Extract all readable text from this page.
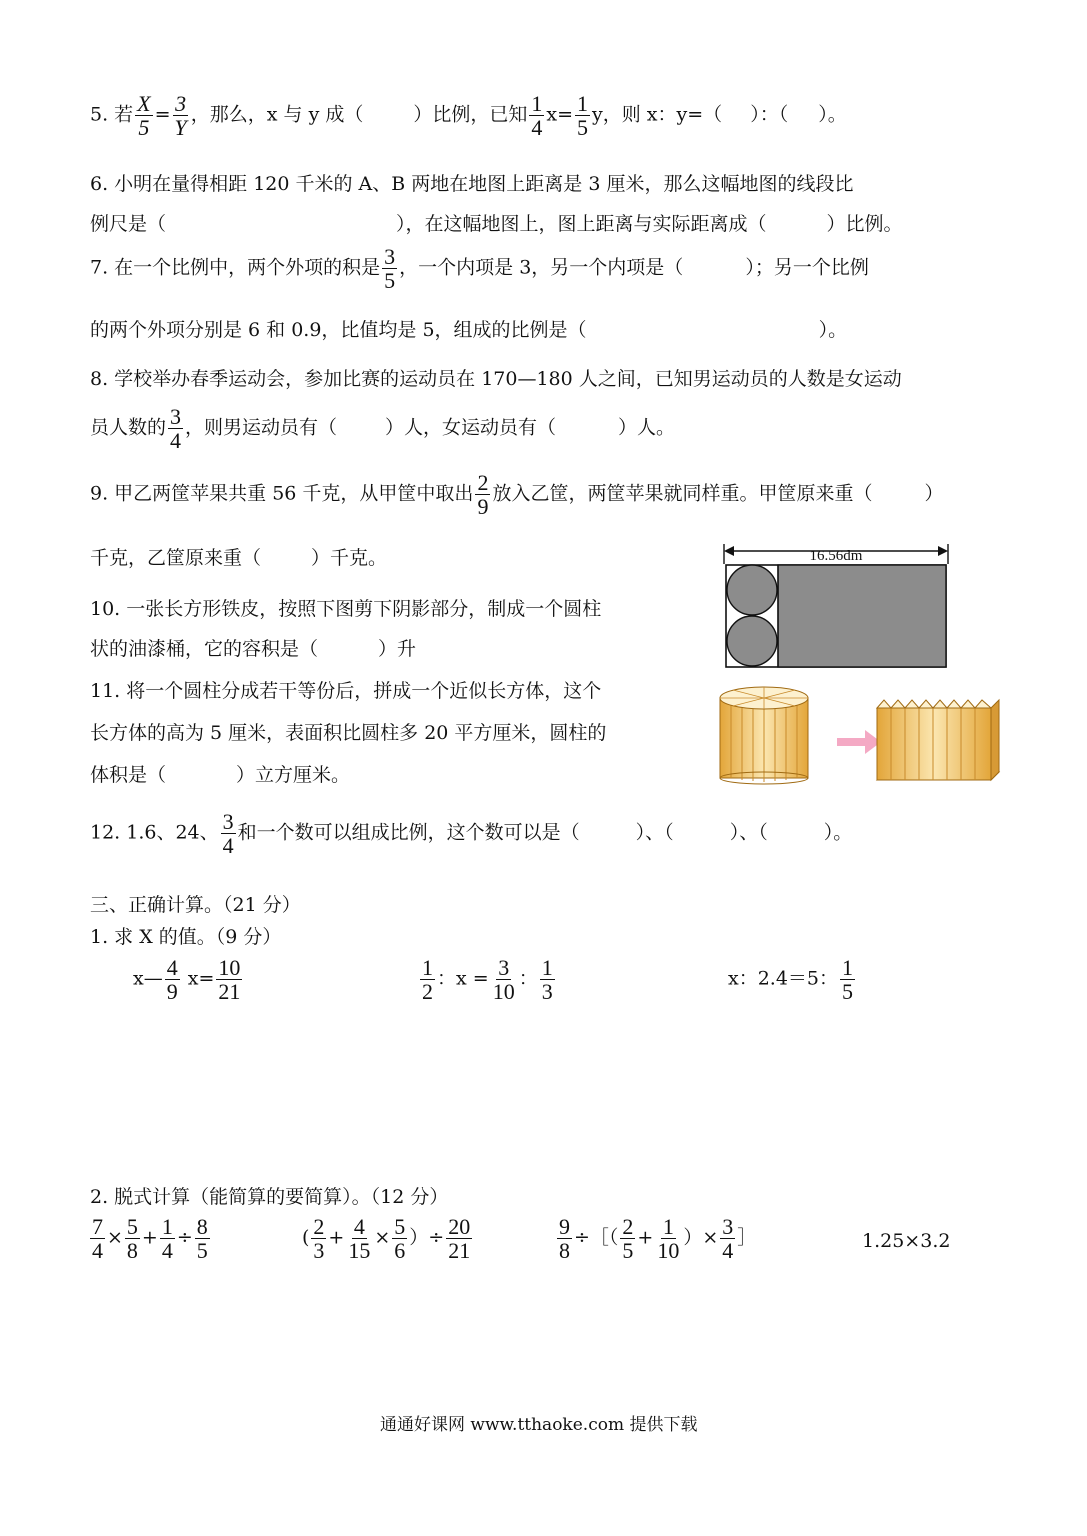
5. 若 $\frac{X}{5} = \frac{3}{Y}$ ，那么，x 与 y 成（	）比例，已知 $\frac{1}{4} x= \frac{1}{5}$ y，则 x：y=（ ）：（ ）。
6. 小明在量得相距 120 千米的 A、B 两地在地图上距离是 3 厘米，那么这幅地图的线段比
例尺是（	），在这幅地图上，图上距离与实际距离成（	）比例。
7. 在一个比例中，两个外项的积是 $\frac{3}{5}$ ，一个内项是 3，另一个内项是（	）；另一个比例
的两个外项分别是 6 和 0.9，比值均是 5，组成的比例是（	）。
8. 学校举办春季运动会，参加比赛的运动员在 170—180 人之间，已知男运动员的人数是女运动
员人数的 $\frac{3}{4}$ ，则男运动员有（	）人，女运动员有（	）人。
9. 甲乙两筐苹果共重 56 千克，从甲筐中取出 $\frac{2}{9}$ 放入乙筐，两筐苹果就同样重。甲筐原来重（	）
千克，乙筐原来重（	）千克。
10. 一张长方形铁皮，按照下图剪下阴影部分，制成一个圆柱
状的油漆桶，它的容积是（	）升
16.56dm
11. 将一个圆柱分成若干等份后，拼成一个近似长方体，这个
长方体的高为 5 厘米，表面积比圆柱多 20 平方厘米，圆柱的
体积是（	）立方厘米。
12. 1.6、24、 $\frac{3}{4}$ 和一个数可以组成比例，这个数可以是（	）、（	）、（	）。
三、正确计算。（21 分）
1. 求 X 的值。（9 分）
x— $\frac{4}{9} x= \frac{10}{21}$	$\frac{1}{2}$ ：$x = \frac{3}{10}$ ： $\frac{1}{3}$	x：2.4＝5： $\frac{1}{5}$
2. 脱式计算（能简算的要简算）。（12 分）
$\frac{7}{4} \times \frac{5}{8} + \frac{1}{4} \div \frac{8}{5}$	( $\frac{2}{3} + \frac{4}{15} \times \frac{5}{6}$ ）÷ $\frac{20}{21}$	$\frac{9}{8}$ ÷［（ $\frac{2}{5} + \frac{1}{10}$ ）× $\frac{3}{4}$ ］	1.25×3.2
通通好课网 www.tthaoke.com 提供下载
